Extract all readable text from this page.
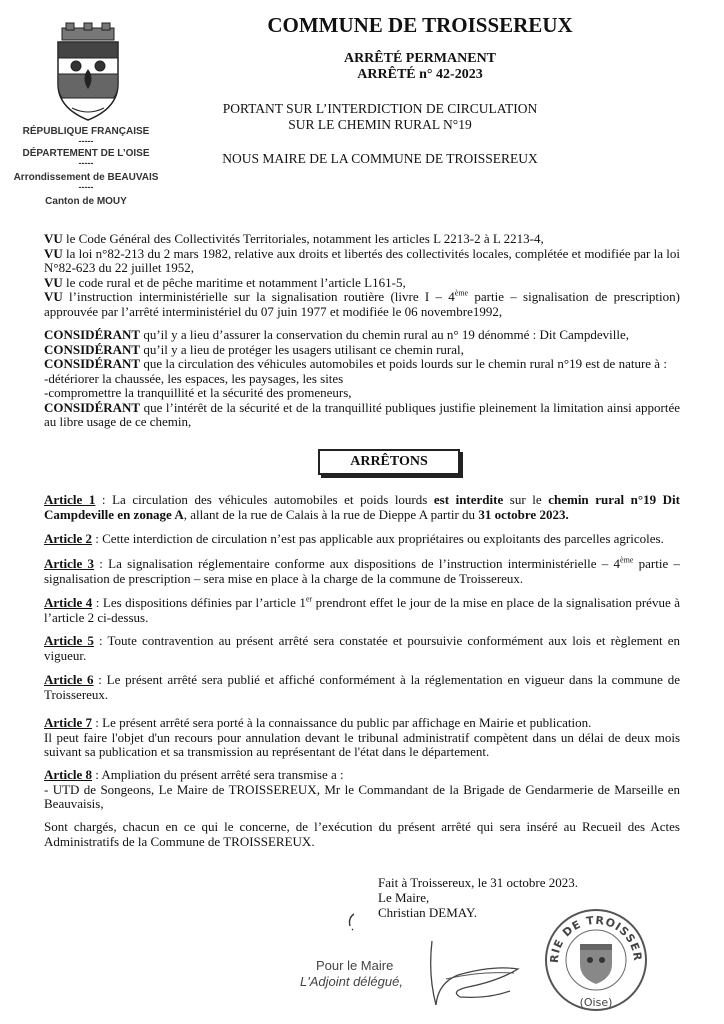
RÉPUBLIQUE FRANÇAISE
-----
DÉPARTEMENT DE L’OISE
-----
Arrondissement de BEAUVAIS
-----
Canton de MOUY
COMMUNE DE TROISSEREUX
ARRÊTÉ PERMANENT
ARRÊTÉ n° 42-2023
PORTANT SUR L’INTERDICTION DE CIRCULATION
SUR LE CHEMIN RURAL N°19
NOUS MAIRE DE LA COMMUNE DE TROISSEREUX

VU le Code Général des Collectivités Territoriales, notamment les articles L 2213-2 à L 2213-4,

VU la loi n°82-213 du 2 mars 1982, relative aux droits et libertés des collectivités locales, complétée et modifiée par la loi N°82-623 du 22 juillet 1952,

VU le code rural et de pêche maritime et notamment l’article L161-5,

VU l’instruction interministérielle sur la signalisation routière (livre I – 4ème partie – signalisation de prescription) approuvée par l’arrêté interministériel du 07 juin 1977 et modifiée le 06 novembre1992,

CONSIDÉRANT qu’il y a lieu d’assurer la conservation du chemin rural au n° 19 dénommé : Dit Campdeville,

CONSIDÉRANT qu’il y a lieu de protéger les usagers utilisant ce chemin rural,

CONSIDÉRANT que la circulation des véhicules automobiles et poids lourds sur le chemin rural n°19 est de nature à :

-détériorer la chaussée, les espaces, les paysages, les sites

-compromettre la tranquillité et la sécurité des promeneurs,

CONSIDÉRANT que l’intérêt de la sécurité et de la tranquillité publiques justifie pleinement la limitation ainsi apportée au libre usage de ce chemin,

ARRÊTONS
Article 1 : La circulation des véhicules automobiles et poids lourds est interdite sur le chemin rural n°19 Dit Campdeville en zonage A, allant de la rue de Calais à la rue de Dieppe A partir du 31 octobre 2023.
Article 2 : Cette interdiction de circulation n’est pas applicable aux propriétaires ou exploitants des parcelles agricoles.
Article 3 : La signalisation réglementaire conforme aux dispositions de l’instruction interministérielle – 4ème partie – signalisation de prescription – sera mise en place à la charge de la commune de Troissereux.
Article 4 : Les dispositions définies par l’article 1er prendront effet le jour de la mise en place de la signalisation prévue à l’article 2 ci-dessus.
Article 5 : Toute contravention au présent arrêté sera constatée et poursuivie conformément aux lois et règlement en vigueur.
Article 6 : Le présent arrêté sera publié et affiché conformément à la réglementation en vigueur dans la commune de Troissereux.

Article 7 : Le présent arrêté sera porté à la connaissance du public par affichage en Mairie et publication.

Il peut faire l'objet d'un recours pour annulation devant le tribunal administratif compètent dans un délai de deux mois suivant sa publication et sa transmission au représentant de l'état dans le département.

Article 8 : Ampliation du présent arrêté sera transmise a :

- UTD de Songeons, Le Maire de TROISSEREUX, Mr le Commandant de la Brigade de Gendarmerie de Marseille en Beauvaisis,

Sont chargés, chacun en ce qui le concerne, de l’exécution du présent arrêté qui sera inséré au Recueil des Actes Administratifs de la Commune de TROISSEREUX.
Fait à Troissereux, le 31 octobre 2023.
Le Maire,
Christian DEMAY.
Pour le Maire
L'Adjoint délégué,
RIE DE TROISSER
(Oise)
